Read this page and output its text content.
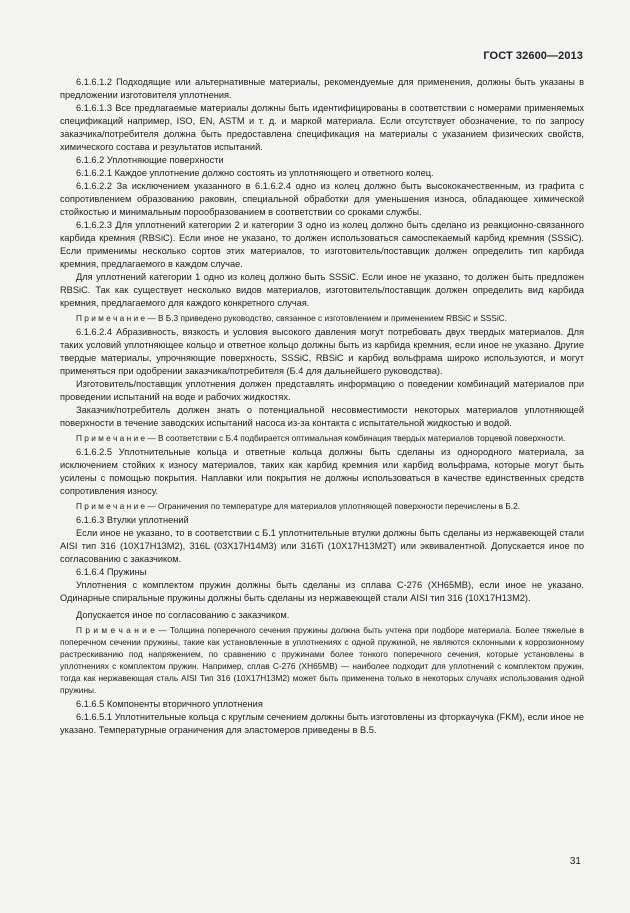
ГОСТ 32600—2013

6.1.6.1.2 Подходящие или альтернативные материалы, рекомендуемые для применения, должны быть указаны в предложении изготовителя уплотнения.

6.1.6.1.3 Все предлагаемые материалы должны быть идентифицированы в соответствии с номерами применяемых спецификаций например, ISO, EN, ASTM и т. д. и маркой материала. Если отсутствует обозначение, то по запросу заказчика/потребителя должна быть предоставлена спецификация на материалы с указанием физических свойств, химического состава и результатов испытаний.

6.1.6.2 Уплотняющие поверхности

6.1.6.2.1 Каждое уплотнение должно состоять из уплотняющего и ответного колец.

6.1.6.2.2 За исключением указанного в 6.1.6.2.4 одно из колец должно быть высококачественным, из графита с сопротивлением образованию раковин, специальной обработки для уменьшения износа, обладающее химической стойкостью и минимальным порообразованием в соответствии со сроками службы.

6.1.6.2.3 Для уплотнений категории 2 и категории 3 одно из колец должно быть сделано из реакционно-связанного карбида кремния (RBSiC). Если иное не указано, то должен использоваться самоспекаемый карбид кремния (SSSiC). Если применимы несколько сортов этих материалов, то изготовитель/поставщик должен определить тип карбида кремния, предлагаемого в каждом случае.

Для уплотнений категории 1 одно из колец должно быть SSSiC. Если иное не указано, то должен быть предложен RBSiC. Так как существует несколько видов материалов, изготовитель/поставщик должен определить вид карбида кремния, предлагаемого для каждого конкретного случая.

П р и м е ч а н и е — В Б.3 приведено руководство, связанное с изготовлением и применением RBSiC и SSSiC.

6.1.6.2.4 Абразивность, вязкость и условия высокого давления могут потребовать двух твердых материалов. Для таких условий уплотняющее кольцо и ответное кольцо должны быть из карбида кремния, если иное не указано. Другие твердые материалы, упрочняющие поверхность, SSSiC, RBSiC и карбид вольфрама широко используются, и могут применяться при одобрении заказчика/потребителя (Б.4 для дальнейшего руководства).

Изготовитель/поставщик уплотнения должен представлять информацию о поведении комбинаций материалов при проведении испытаний на воде и рабочих жидкостях.

Заказчик/потребитель должен знать о потенциальной несовместимости некоторых материалов уплотняющей поверхности в течение заводских испытаний насоса из-за контакта с испытательной жидкостью и водой.

П р и м е ч а н и е — В соответствии с Б.4 подбирается оптимальная комбинация твердых материалов торцевой поверхности.

6.1.6.2.5 Уплотнительные кольца и ответные кольца должны быть сделаны из однородного материала, за исключением стойких к износу материалов, таких как карбид кремния или карбид вольфрама, которые могут быть усилены с помощью покрытия. Наплавки или покрытия не должны использоваться в качестве единственных средств сопротивления износу.

П р и м е ч а н и е — Ограничения по температуре для материалов уплотняющей поверхности перечислены в Б.2.

6.1.6.3 Втулки уплотнений

Если иное не указано, то в соответствии с Б.1 уплотнительные втулки должны быть сделаны из нержавеющей стали AISI тип 316 (10Х17Н13М2), 316L (03Х17Н14М3) или 316Ti (10Х17Н13М2Т) или эквивалентной. Допускается иное по согласованию с заказчиком.

6.1.6.4 Пружины

Уплотнения с комплектом пружин должны быть сделаны из сплава С-276 (ХН65МВ), если иное не указано. Одинарные спиральные пружины должны быть сделаны из нержавеющей стали AISI тип 316 (10Х17Н13М2).

Допускается иное по согласованию с заказчиком.

П р и м е ч а н и е — Толщина поперечного сечения пружины должна быть учтена при подборе материала. Более тяжелые в поперечном сечении пружины, такие как установленные в уплотнениях с одной пружиной, не являются склонными к коррозионному растрескиванию под напряжением, по сравнению с пружинами более тонкого поперечного сечения, которые установлены в уплотнениях с комплектом пружин. Например, сплав С-276 (ХН65МВ) — наиболее подходит для уплотнений с комплектом пружин, тогда как нержавеющая сталь AISI Тип 316 (10Х17Н13М2) может быть применена только в некоторых случаях использования одной пружины.

6.1.6.5 Компоненты вторичного уплотнения

6.1.6.5.1 Уплотнительные кольца с круглым сечением должны быть изготовлены из фторкаучука (FKM), если иное не указано. Температурные ограничения для эластомеров приведены в В.5.

31
